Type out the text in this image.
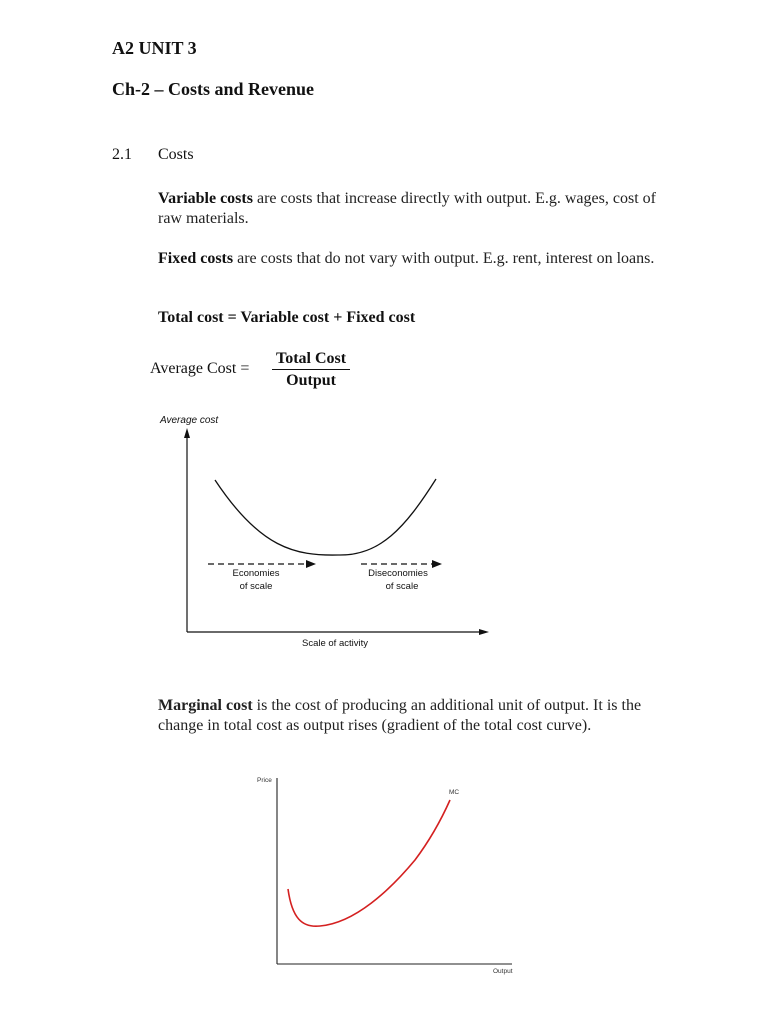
A2 UNIT 3
Ch-2 – Costs and Revenue
2.1 Costs
Variable costs are costs that increase directly with output. E.g. wages, cost of raw materials.
Fixed costs are costs that do not vary with output. E.g. rent, interest on loans.
Total cost = Variable cost + Fixed cost
Average Cost =
Total Cost
Output
Average cost
Economies
of scale
Diseconomies
of scale
Scale of activity
Marginal cost is the cost of producing an additional unit of output. It is the change in total cost as output rises (gradient of the total cost curve).
Price
MC
Output
